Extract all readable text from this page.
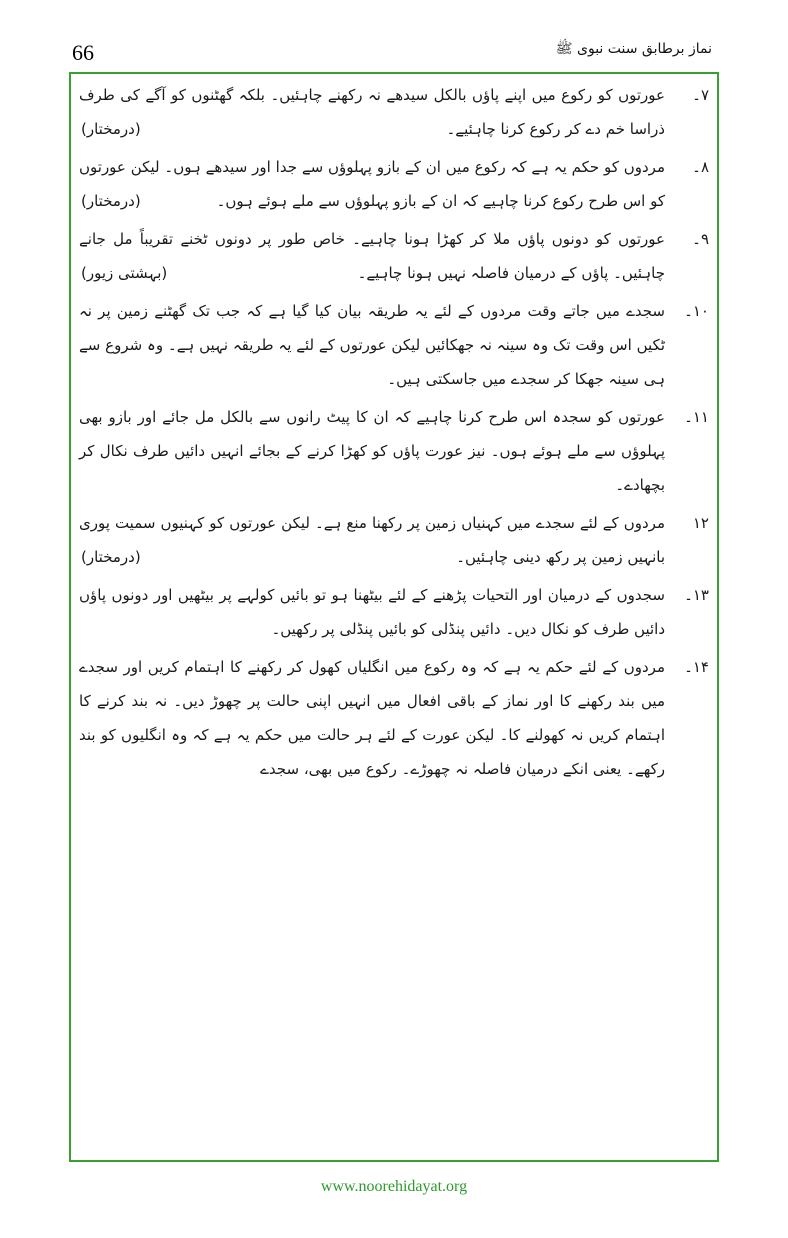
66	نماز برطابق سنت نبوی ﷺ
۷۔
عورتوں کو رکوع میں اپنے پاؤں بالکل سیدھے نہ رکھنے چاہئیں۔ بلکہ گھٹنوں کو آگے کی طرف ذراسا خم دے کر رکوع کرنا چاہئیے۔
(درمختار)
۸۔
مردوں کو حکم یہ ہے کہ رکوع میں ان کے بازو پہلوؤں سے جدا اور سیدھے ہوں۔ لیکن عورتوں کو اس طرح رکوع کرنا چاہیے کہ ان کے بازو پہلوؤں سے ملے ہوئے ہوں۔
(درمختار)
۹۔
عورتوں کو دونوں پاؤں ملا کر کھڑا ہونا چاہیے۔ خاص طور پر دونوں ٹخنے تقریباً مل جانے چاہئیں۔ پاؤں کے درمیان فاصلہ نہیں ہونا چاہیے۔
(بہشتی زیور)
۱۰۔
سجدے میں جاتے وقت مردوں کے لئے یہ طریقہ بیان کیا گیا ہے کہ جب تک گھٹنے زمین پر نہ ٹکیں اس وقت تک وہ سینہ نہ جھکائیں لیکن عورتوں کے لئے یہ طریقہ نہیں ہے۔ وہ شروع سے ہی سینہ جھکا کر سجدے میں جاسکتی ہیں۔
۱۱۔
عورتوں کو سجدہ اس طرح کرنا چاہیے کہ ان کا پیٹ رانوں سے بالکل مل جائے اور بازو بھی پہلوؤں سے ملے ہوئے ہوں۔ نیز عورت پاؤں کو کھڑا کرنے کے بجائے انہیں دائیں طرف نکال کر بچھادے۔
۱۲
مردوں کے لئے سجدے میں کہنیاں زمین پر رکھنا منع ہے۔ لیکن عورتوں کو کہنیوں سمیت پوری بانہیں زمین پر رکھ دینی چاہئیں۔
(درمختار)
۱۳۔
سجدوں کے درمیان اور التحیات پڑھنے کے لئے بیٹھنا ہو تو بائیں کولہے پر بیٹھیں اور دونوں پاؤں دائیں طرف کو نکال دیں۔ دائیں پنڈلی کو بائیں پنڈلی پر رکھیں۔
۱۴۔
مردوں کے لئے حکم یہ ہے کہ وہ رکوع میں انگلیاں کھول کر رکھنے کا اہتمام کریں اور سجدے میں بند رکھنے کا اور نماز کے باقی افعال میں انہیں اپنی حالت پر چھوڑ دیں۔ نہ بند کرنے کا اہتمام کریں نہ کھولنے کا۔ لیکن عورت کے لئے ہر حالت میں حکم یہ ہے کہ وہ انگلیوں کو بند رکھے۔ یعنی انکے درمیان فاصلہ نہ چھوڑے۔ رکوع میں بھی، سجدے
www.noorehidayat.org
